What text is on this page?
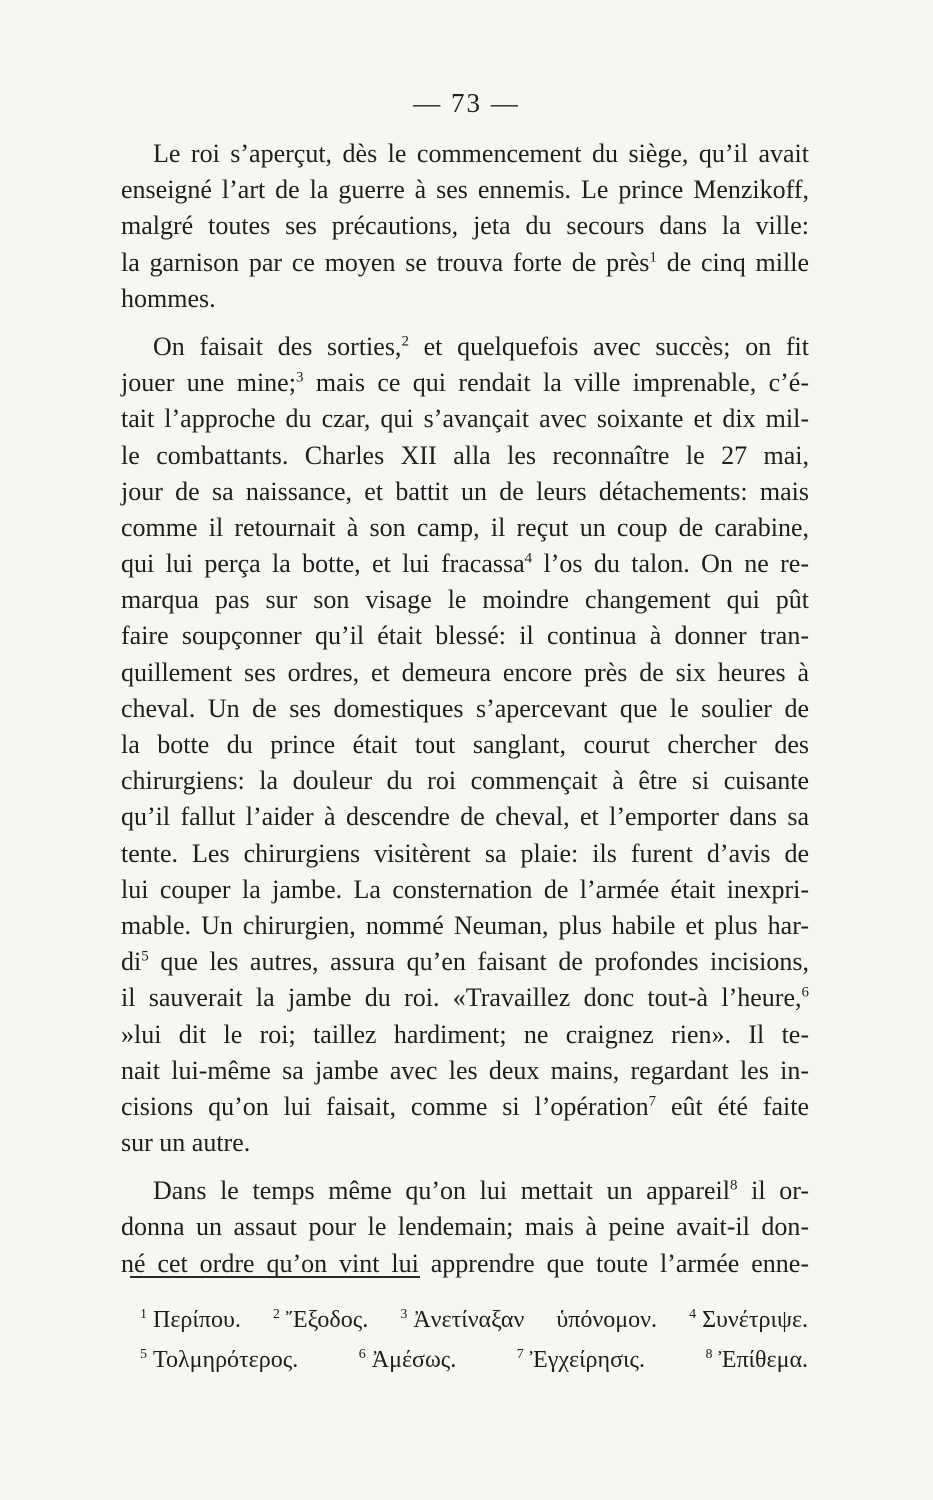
— 73 —
Le roi s’aperçut, dès le commencement du siège, qu’il avait
enseigné l’art de la guerre à ses ennemis. Le prince Menzikoff,
malgré toutes ses précautions, jeta du secours dans la ville:
la garnison par ce moyen se trouva forte de près$^1$ de cinq mille
hommes.
On faisait des sorties,$^2$ et quelquefois avec succès; on fit
jouer une mine;$^3$ mais ce qui rendait la ville imprenable, c’é-
tait l’approche du czar, qui s’avançait avec soixante et dix mil-
le combattants. Charles XII alla les reconnaître le 27 mai,
jour de sa naissance, et battit un de leurs détachements: mais
comme il retournait à son camp, il reçut un coup de carabine,
qui lui perça la botte, et lui fracassa$^4$ l’os du talon. On ne re-
marqua pas sur son visage le moindre changement qui pût
faire soupçonner qu’il était blessé: il continua à donner tran-
quillement ses ordres, et demeura encore près de six heures à
cheval. Un de ses domestiques s’apercevant que le soulier de
la botte du prince était tout sanglant, courut chercher des
chirurgiens: la douleur du roi commençait à être si cuisante
qu’il fallut l’aider à descendre de cheval, et l’emporter dans sa
tente. Les chirurgiens visitèrent sa plaie: ils furent d’avis de
lui couper la jambe. La consternation de l’armée était inexpri-
mable. Un chirurgien, nommé Neuman, plus habile et plus har-
$di^5$ que les autres, assura qu’en faisant de profondes incisions,
il sauverait la jambe du roi. «Travaillez donc tout-à l’heure,$^6$
»lui dit le roi; taillez hardiment; ne craignez rien». Il te-
nait lui-même sa jambe avec les deux mains, regardant les in-
cisions qu’on lui faisait, comme si l’opération$^7$ eût été faite
sur un autre.
Dans le temps même qu’on lui mettait un appareil$^8$ il or-
donna un assaut pour le lendemain; mais à peine avait-il don-
né cet ordre qu’on vint lui apprendre que toute l’armée enne-
$^1$ Περίπου. $^2$ Ἔξοδος. $^3$ Ἀνετίναξαν ὑπόνομον. $^4$ Συνέτριψε.
$^5$ Τολμηρότερος.	$^6$ Ἀμέσως.	$^7$ Ἐγχείρησις.	$^8$ Ἐπίθεμα.
